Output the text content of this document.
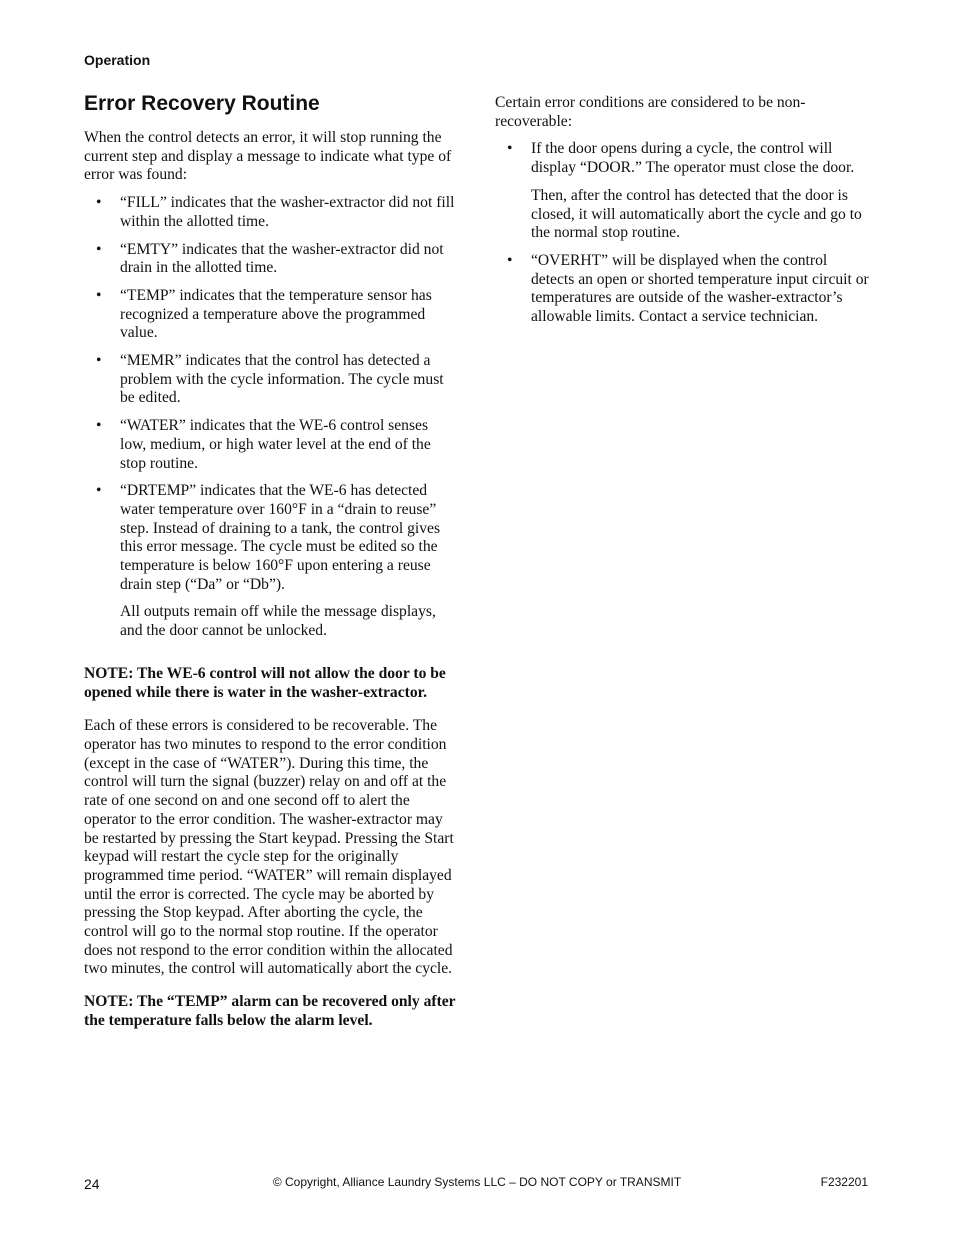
Operation
Error Recovery Routine

When the control detects an error, it will stop running the current step and display a message to indicate what type of error was found:

• “FILL” indicates that the washer-extractor did not fill within the allotted time.

• “EMTY” indicates that the washer-extractor did not drain in the allotted time.

• “TEMP” indicates that the temperature sensor has recognized a temperature above the programmed value.

• “MEMR” indicates that the control has detected a problem with the cycle information. The cycle must be edited.

• “WATER” indicates that the WE-6 control senses low, medium, or high water level at the end of the stop routine.

• “DRTEMP” indicates that the WE-6 has detected water temperature over 160°F in a “drain to reuse” step. Instead of draining to a tank, the control gives this error message. The cycle must be edited so the temperature is below 160°F upon entering a reuse drain step (“Da” or “Db”).

All outputs remain off while the message displays, and the door cannot be unlocked.

NOTE: The WE-6 control will not allow the door to be opened while there is water in the washer-extractor.

Each of these errors is considered to be recoverable. The operator has two minutes to respond to the error condition (except in the case of “WATER”). During this time, the control will turn the signal (buzzer) relay on and off at the rate of one second on and one second off to alert the operator to the error condition. The washer-extractor may be restarted by pressing the Start keypad. Pressing the Start keypad will restart the cycle step for the originally programmed time period. “WATER” will remain displayed until the error is corrected. The cycle may be aborted by pressing the Stop keypad. After aborting the cycle, the control will go to the normal stop routine. If the operator does not respond to the error condition within the allocated two minutes, the control will automatically abort the cycle.

NOTE: The “TEMP” alarm can be recovered only after the temperature falls below the alarm level.

Certain error conditions are considered to be non-recoverable:

• If the door opens during a cycle, the control will display “DOOR.” The operator must close the door.

Then, after the control has detected that the door is closed, it will automatically abort the cycle and go to the normal stop routine.

• “OVERHT” will be displayed when the control detects an open or shorted temperature input circuit or temperatures are outside of the washer-extractor’s allowable limits. Contact a service technician.

24	© Copyright, Alliance Laundry Systems LLC – DO NOT COPY or TRANSMIT	F232201
